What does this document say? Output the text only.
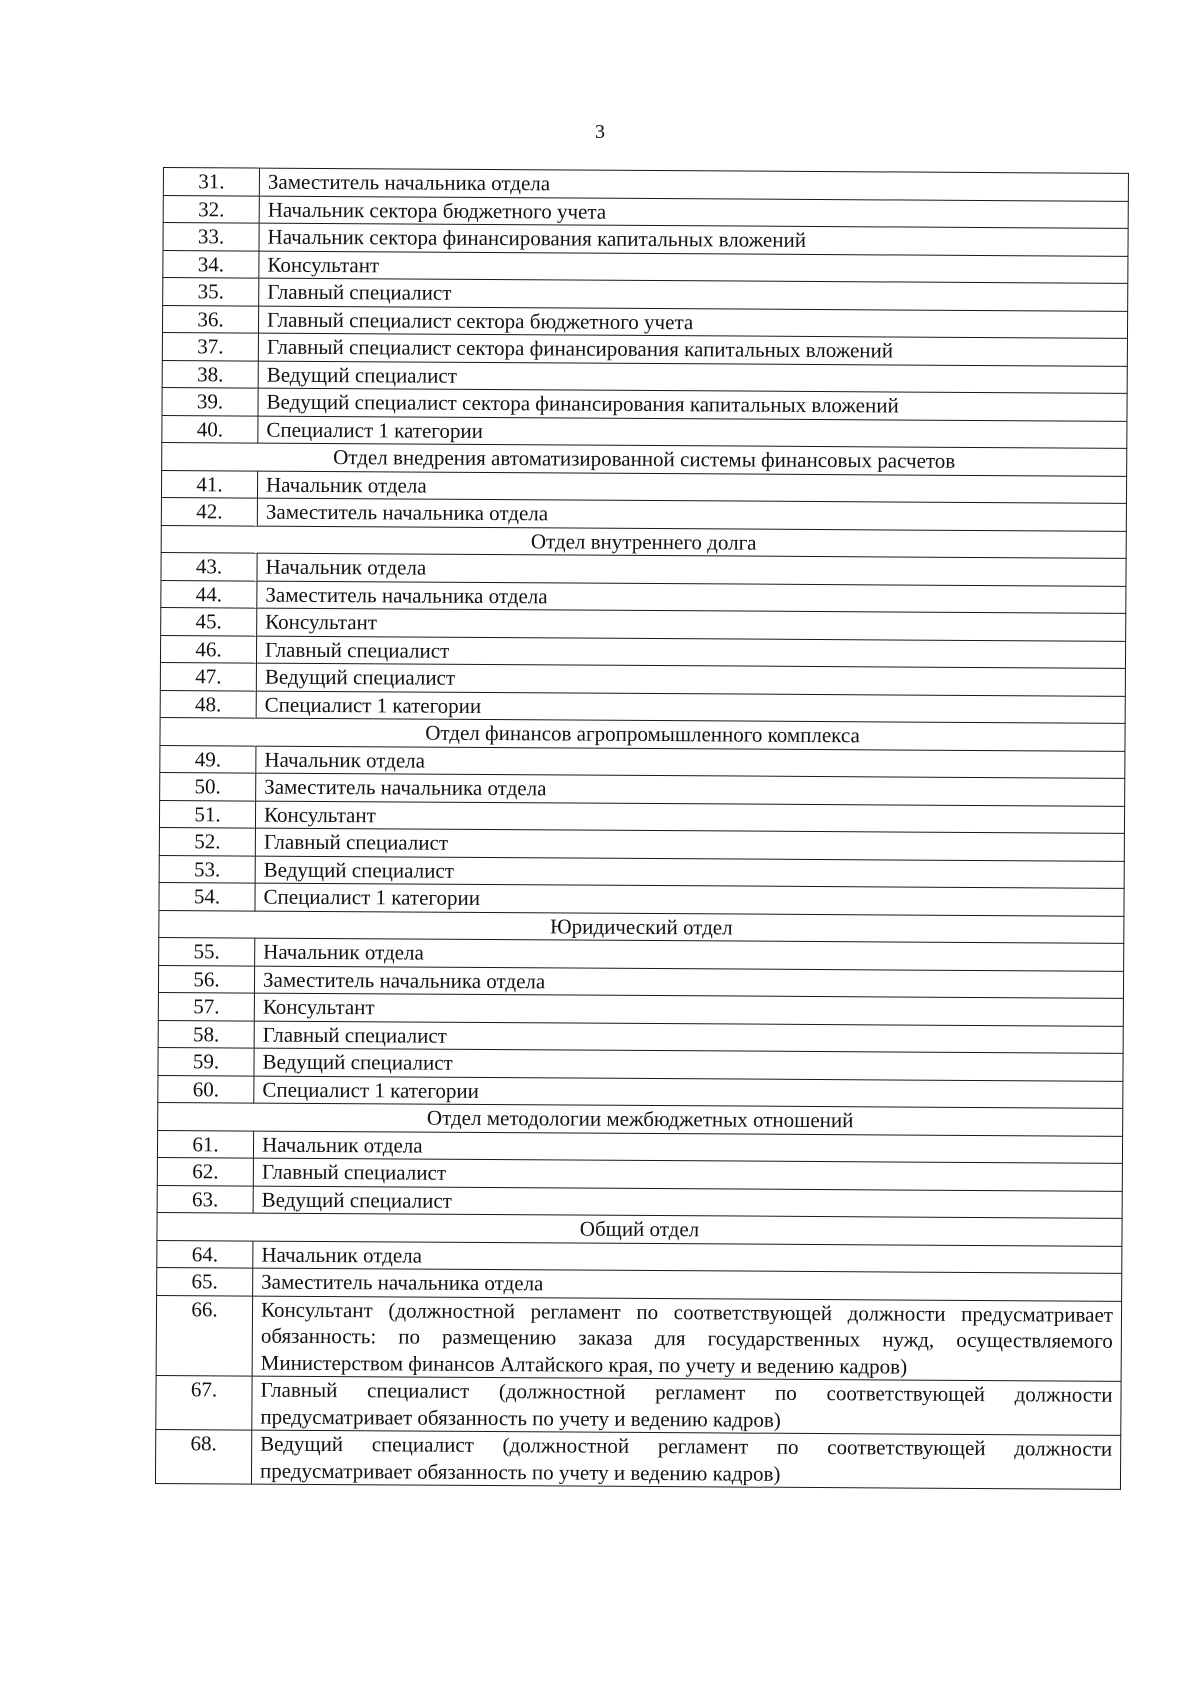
3
31.	Заместитель начальника отдела
32.	Начальник сектора бюджетного учета
33.	Начальник сектора финансирования капитальных вложений
34.	Консультант
35.	Главный специалист
36.	Главный специалист сектора бюджетного учета
37.	Главный специалист сектора финансирования капитальных вложений
38.	Ведущий специалист
39.	Ведущий специалист сектора финансирования капитальных вложений
40.	Специалист 1 категории
Отдел внедрения автоматизированной системы финансовых расчетов	
41.	Начальник отдела
42.	Заместитель начальника отдела
Отдел внутреннего долга	
43.	Начальник отдела
44.	Заместитель начальника отдела
45.	Консультант
46.	Главный специалист
47.	Ведущий специалист
48.	Специалист 1 категории
Отдел финансов агропромышленного комплекса	
49.	Начальник отдела
50.	Заместитель начальника отдела
51.	Консультант
52.	Главный специалист
53.	Ведущий специалист
54.	Специалист 1 категории
Юридический отдел	
55.	Начальник отдела
56.	Заместитель начальника отдела
57.	Консультант
58.	Главный специалист
59.	Ведущий специалист
60.	Специалист 1 категории
Отдел методологии межбюджетных отношений	
61.	Начальник отдела
62.	Главный специалист
63.	Ведущий специалист
Общий отдел	
64.	Начальник отдела
65.	Заместитель начальника отдела
66.	Консультант (должностной регламент по соответствующей должности предусматривает обязанность: по размещению заказа для государственных нужд, осуществляемого Министерством финансов Алтайского края, по учету и ведению кадров)
67.	Главный специалист (должностной регламент по соответствующей должности предусматривает обязанность по учету и ведению кадров)
68.	Ведущий специалист (должностной регламент по соответствующей должности предусматривает обязанность по учету и ведению кадров)
